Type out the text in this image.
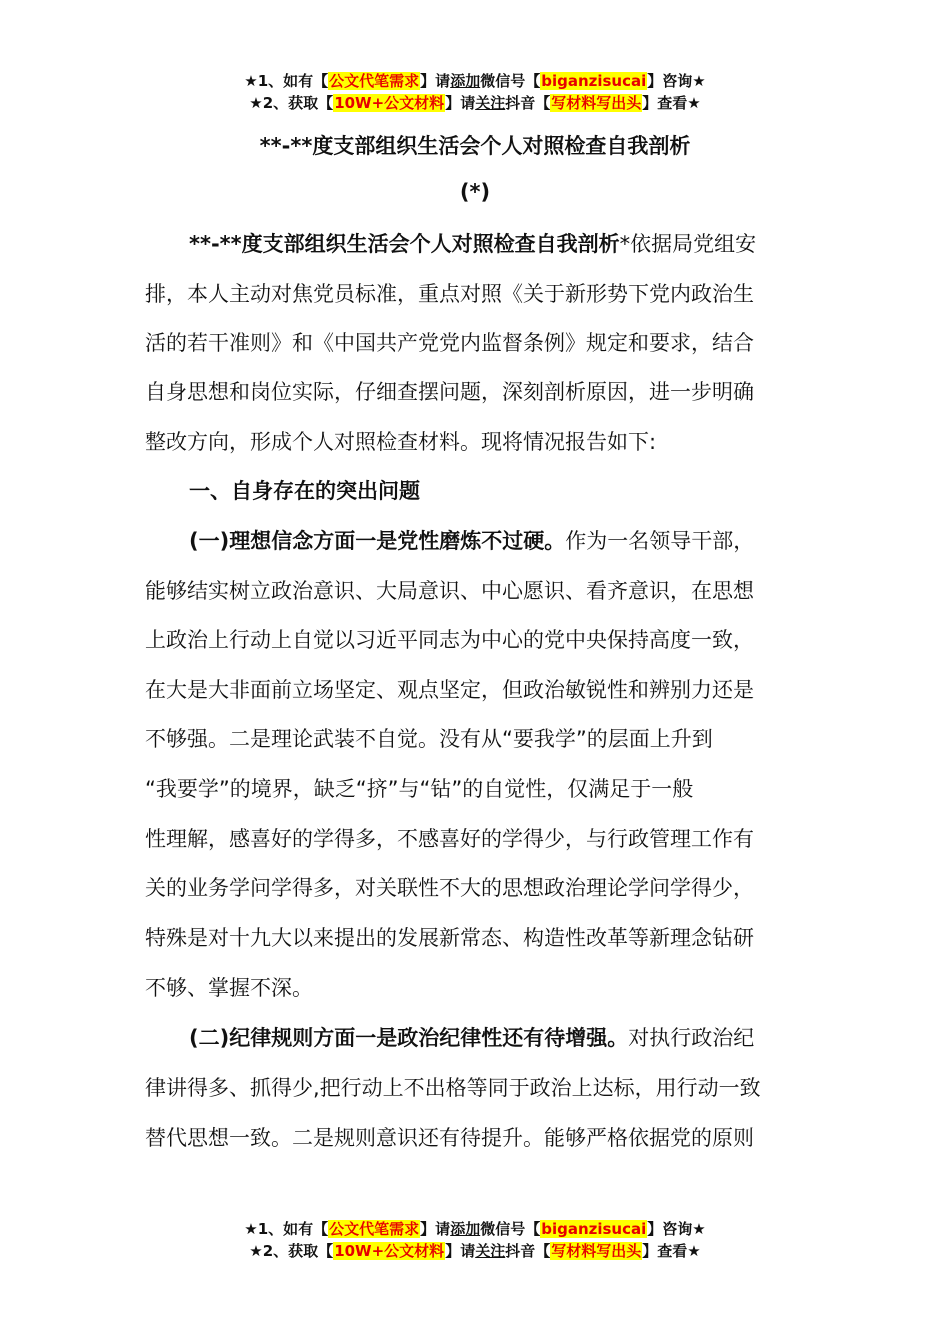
★1、如有【公文代笔需求】请添加微信号【biganzisucai】咨询★
★2、获取【10W+公文材料】请关注抖音【写材料写出头】查看★
**-**度支部组织生活会个人对照检查自我剖析
(*)
**-**度支部组织生活会个人对照检查自我剖析*依据局党组安
排，本人主动对焦党员标准，重点对照《关于新形势下党内政治生
活的若干准则》和《中国共产党党内监督条例》规定和要求，结合
自身思想和岗位实际，仔细查摆问题，深刻剖析原因，进一步明确
整改方向，形成个人对照检查材料。现将情况报告如下:
一、自身存在的突出问题
(一)理想信念方面一是党性磨炼不过硬。作为一名领导干部，
能够结实树立政治意识、大局意识、中心愿识、看齐意识，在思想
上政治上行动上自觉以习近平同志为中心的党中央保持高度一致，
在大是大非面前立场坚定、观点坚定，但政治敏锐性和辨别力还是
不够强。二是理论武装不自觉。没有从“要我学”的层面上升到
“我要学”的境界，缺乏“挤”与“钻”的自觉性，仅满足于一般
性理解，感喜好的学得多，不感喜好的学得少，与行政管理工作有
关的业务学问学得多，对关联性不大的思想政治理论学问学得少，
特殊是对十九大以来提出的发展新常态、构造性改革等新理念钻研
不够、掌握不深。
(二)纪律规则方面一是政治纪律性还有待增强。对执行政治纪
律讲得多、抓得少,把行动上不出格等同于政治上达标，用行动一致
替代思想一致。二是规则意识还有待提升。能够严格依据党的原则
★1、如有【公文代笔需求】请添加微信号【biganzisucai】咨询★
★2、获取【10W+公文材料】请关注抖音【写材料写出头】查看★
